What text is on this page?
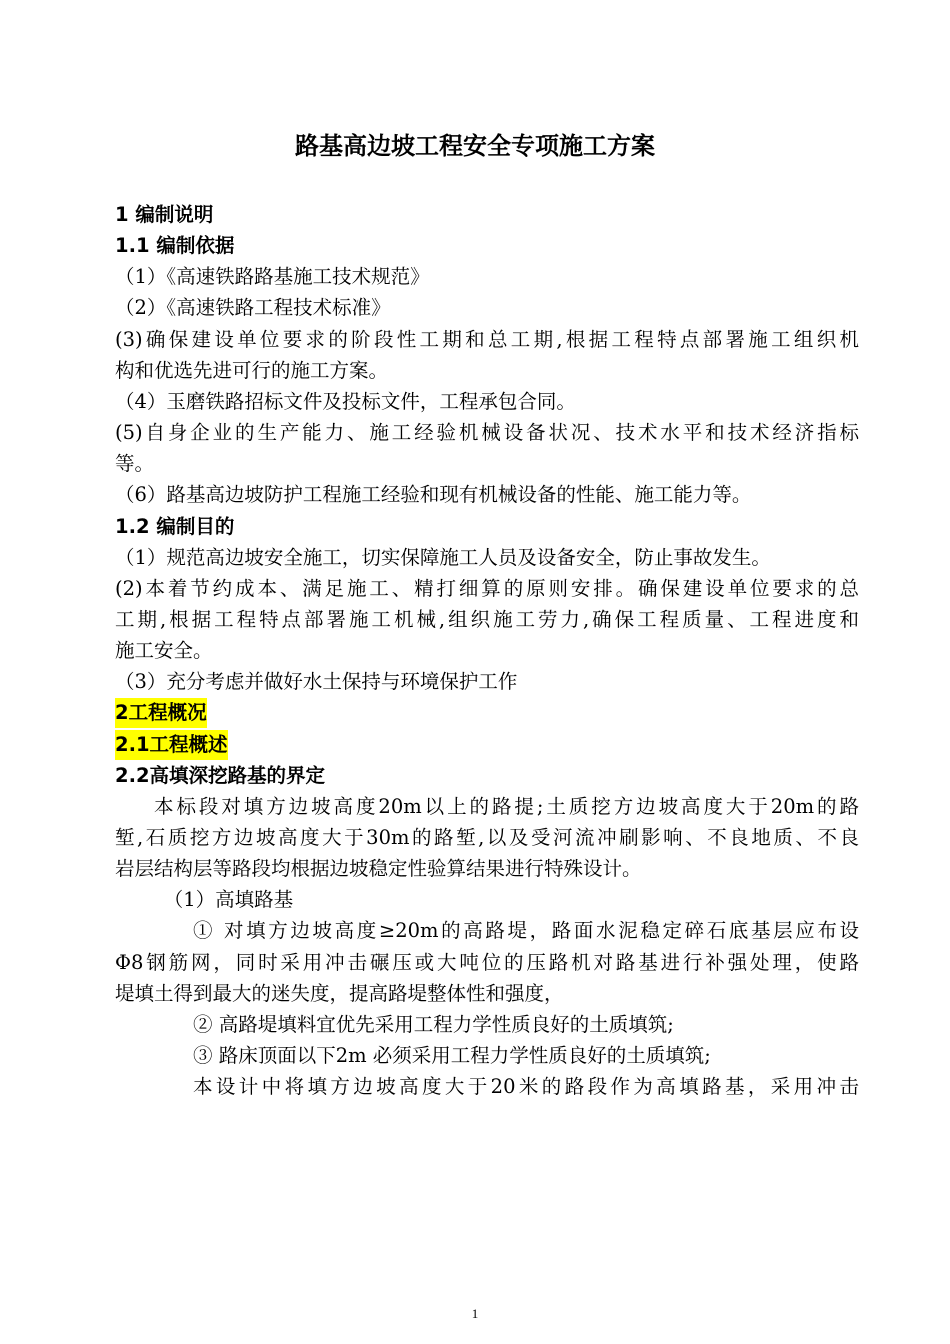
路基高边坡工程安全专项施工方案
1 编制说明
1.1 编制依据
（1）《高速铁路路基施工技术规范》
（2）《高速铁路工程技术标准》
(3)确保建设单位要求的阶段性工期和总工期,根据工程特点部署施工组织机
构和优选先进可行的施工方案。
（4）玉磨铁路招标文件及投标文件，工程承包合同。
(5)自身企业的生产能力、施工经验机械设备状况、技术水平和技术经济指标
等。
（6）路基高边坡防护工程施工经验和现有机械设备的性能、施工能力等。
1.2 编制目的
（1）规范高边坡安全施工，切实保障施工人员及设备安全，防止事故发生。
(2)本着节约成本、满足施工、精打细算的原则安排。确保建设单位要求的总
工期,根据工程特点部署施工机械,组织施工劳力,确保工程质量、工程进度和
施工安全。
（3）充分考虑并做好水土保持与环境保护工作
2工程概况
2.1工程概述
2.2高填深挖路基的界定
本标段对填方边坡高度20m以上的路提;土质挖方边坡高度大于20m的路
堑,石质挖方边坡高度大于30m的路堑,以及受河流冲刷影响、不良地质、不良
岩层结构层等路段均根据边坡稳定性验算结果进行特殊设计。
（1）高填路基
① 对填方边坡高度≥20m的高路堤，路面水泥稳定碎石底基层应布设
Φ8钢筋网，同时采用冲击碾压或大吨位的压路机对路基进行补强处理，使路
堤填土得到最大的迷失度，提高路堤整体性和强度，
② 高路堤填料宜优先采用工程力学性质良好的土质填筑;
③ 路床顶面以下2m 必须采用工程力学性质良好的土质填筑;
本设计中将填方边坡高度大于20米的路段作为高填路基，采用冲击
1
